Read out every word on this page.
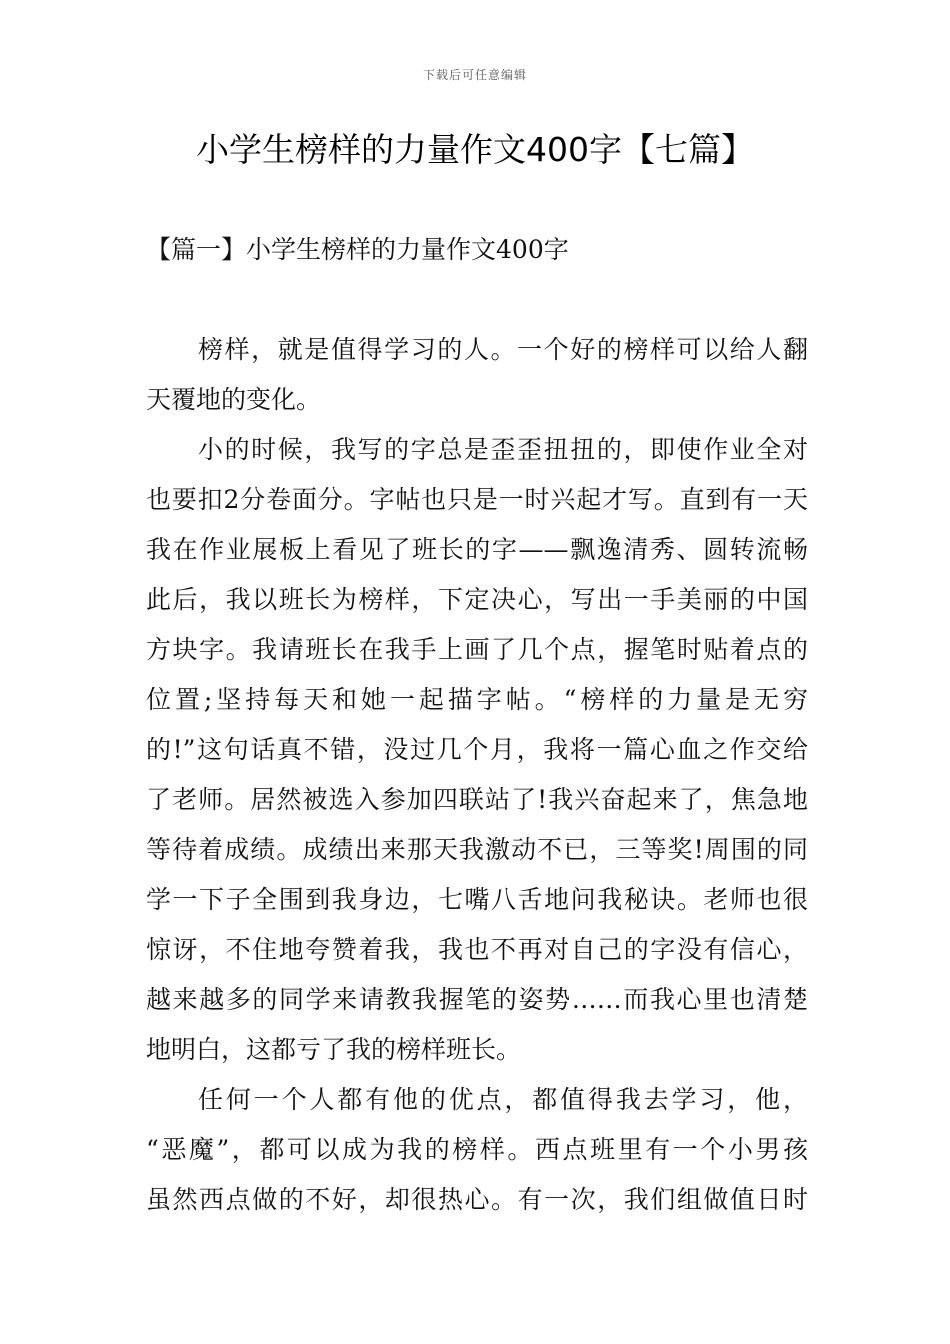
下载后可任意编辑
小学生榜样的力量作文400字【七篇】
【篇一】小学生榜样的力量作文400字
榜样，就是值得学习的人。一个好的榜样可以给人翻
天覆地的变化。
小的时候，我写的字总是歪歪扭扭的，即使作业全对
也要扣2分卷面分。字帖也只是一时兴起才写。直到有一天
我在作业展板上看见了班长的字——飘逸清秀、圆转流畅
此后，我以班长为榜样，下定决心，写出一手美丽的中国
方块字。我请班长在我手上画了几个点，握笔时贴着点的
位置;坚持每天和她一起描字帖。“榜样的力量是无穷
的!”这句话真不错，没过几个月，我将一篇心血之作交给
了老师。居然被选入参加四联站了!我兴奋起来了，焦急地
等待着成绩。成绩出来那天我激动不已，三等奖!周围的同
学一下子全围到我身边，七嘴八舌地问我秘诀。老师也很
惊讶，不住地夸赞着我，我也不再对自己的字没有信心，
越来越多的同学来请教我握笔的姿势……而我心里也清楚
地明白，这都亏了我的榜样班长。
任何一个人都有他的优点，都值得我去学习，他，
“恶魔”，都可以成为我的榜样。西点班里有一个小男孩
虽然西点做的不好，却很热心。有一次，我们组做值日时
